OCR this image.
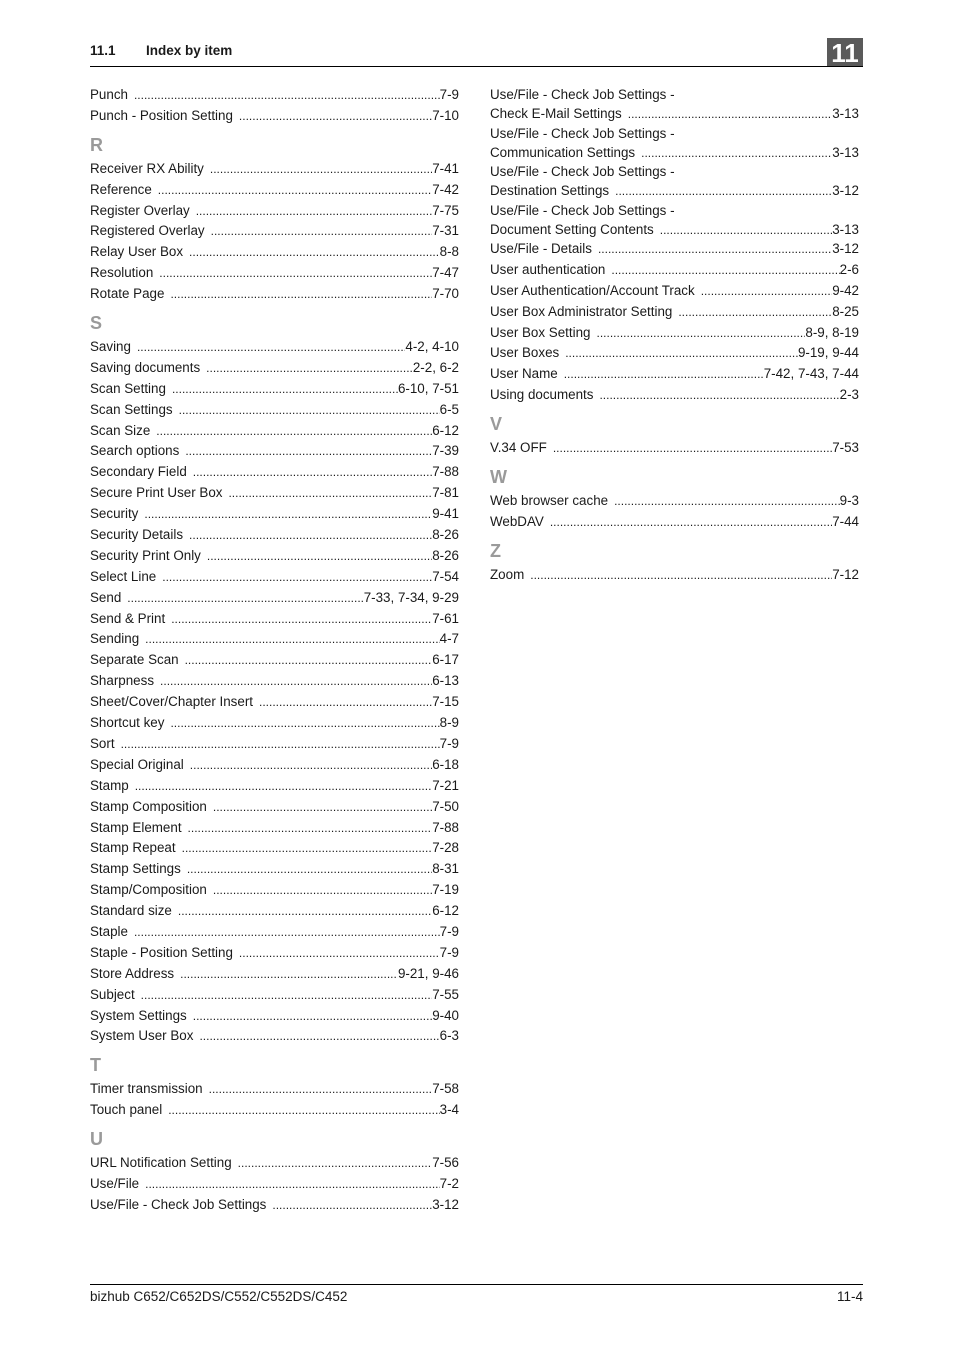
11.1 Index by item	11
Punch .....	7-9
Punch - Position Setting .....	7-10
R
Receiver RX Ability .....	7-41
Reference .....	7-42
Register Overlay .....	7-75
Registered Overlay .....	7-31
Relay User Box .....	8-8
Resolution .....	7-47
Rotate Page .....	7-70
S
Saving .....	4-2, 4-10
Saving documents .....	2-2, 6-2
Scan Setting .....	6-10, 7-51
Scan Settings .....	6-5
Scan Size .....	6-12
Search options .....	7-39
Secondary Field .....	7-88
Secure Print User Box .....	7-81
Security .....	9-41
Security Details .....	8-26
Security Print Only .....	8-26
Select Line .....	7-54
Send .....	7-33, 7-34, 9-29
Send & Print .....	7-61
Sending .....	4-7
Separate Scan .....	6-17
Sharpness .....	6-13
Sheet/Cover/Chapter Insert .....	7-15
Shortcut key .....	8-9
Sort .....	7-9
Special Original .....	6-18
Stamp .....	7-21
Stamp Composition .....	7-50
Stamp Element .....	7-88
Stamp Repeat .....	7-28
Stamp Settings .....	8-31
Stamp/Composition .....	7-19
Standard size .....	6-12
Staple .....	7-9
Staple - Position Setting .....	7-9
Store Address .....	9-21, 9-46
Subject .....	7-55
System Settings .....	9-40
System User Box .....	6-3
T
Timer transmission .....	7-58
Touch panel .....	3-4
U
URL Notification Setting .....	7-56
Use/File .....	7-2
Use/File - Check Job Settings .....	3-12
Use/File - Check Job Settings -
Check E-Mail Settings .....	3-13
Use/File - Check Job Settings -
Communication Settings .....	3-13
Use/File - Check Job Settings -
Destination Settings .....	3-12
Use/File - Check Job Settings -
Document Setting Contents .....	3-13
Use/File - Details .....	3-12
User authentication .....	2-6
User Authentication/Account Track .....	9-42
User Box Administrator Setting .....	8-25
User Box Setting .....	8-9, 8-19
User Boxes .....	9-19, 9-44
User Name .....	7-42, 7-43, 7-44
Using documents .....	2-3
V
V.34 OFF .....	7-53
W
Web browser cache .....	9-3
WebDAV .....	7-44
Z
Zoom .....	7-12
bizhub C652/C652DS/C552/C552DS/C452	11-4
